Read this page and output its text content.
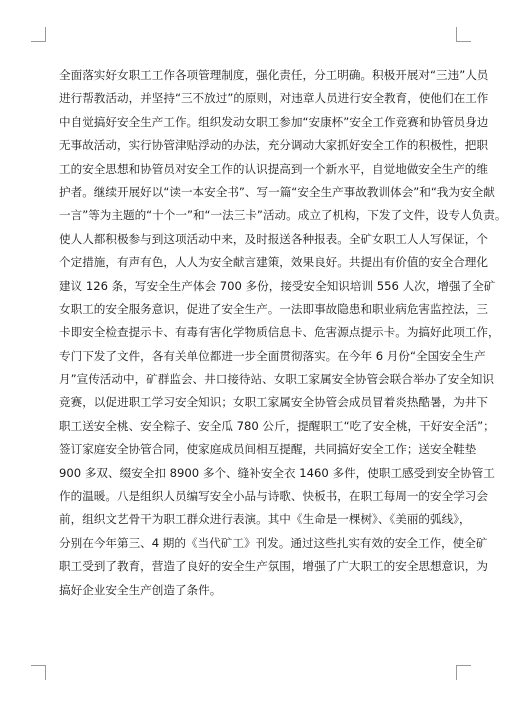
全面落实好女职工工作各项管理制度，强化责任，分工明确。积极开展对“三违”人员
进行帮教活动，并坚持“三不放过”的原则，对违章人员进行安全教育，使他们在工作
中自觉搞好安全生产工作。组织发动女职工参加“安康杯”安全工作竞赛和协管员身边
无事故活动，实行协管津贴浮动的办法，充分调动大家抓好安全工作的积极性，把职
工的安全思想和协管员对安全工作的认识提高到一个新水平，自觉地做安全生产的维
护者。继续开展好以“读一本安全书”、写一篇“安全生产事故教训体会”和“我为安全献
一言”等为主题的“十个一”和“一法三卡”活动。成立了机构，下发了文件，设专人负责。
使人人都积极参与到这项活动中来，及时报送各种报表。全矿女职工人人写保证，个
个定措施，有声有色，人人为安全献言建策，效果良好。共提出有价值的安全合理化
建议 126 条，写安全生产体会 700 多份，接受安全知识培训 556 人次，增强了全矿
女职工的安全服务意识，促进了安全生产。一法即事故隐患和职业病危害监控法，三
卡即安全检查提示卡、有毒有害化学物质信息卡、危害源点提示卡。为搞好此项工作，
专门下发了文件，各有关单位都进一步全面贯彻落实。在今年 6 月份“全国安全生产
月”宣传活动中，矿群监会、井口接待站、女职工家属安全协管会联合举办了安全知识
竞赛，以促进职工学习安全知识；女职工家属安全协管会成员冒着炎热酷暑，为井下
职工送安全桃、安全粽子、安全瓜 780 公斤，提醒职工“吃了安全桃，干好安全活”；
签订家庭安全协管合同，使家庭成员间相互提醒，共同搞好安全工作；送安全鞋垫
900 多双、缀安全扣 8900 多个、缝补安全衣 1460 多件，使职工感受到安全协管工
作的温暖。八是组织人员编写安全小品与诗歌、快板书，在职工每周一的安全学习会
前，组织文艺骨干为职工群众进行表演。其中《生命是一棵树》、《美丽的弧线》，
分别在今年第三、4 期的《当代矿工》刊发。通过这些扎实有效的安全工作，使全矿
职工受到了教育，营造了良好的安全生产氛围，增强了广大职工的安全思想意识，为
搞好企业安全生产创造了条件。
